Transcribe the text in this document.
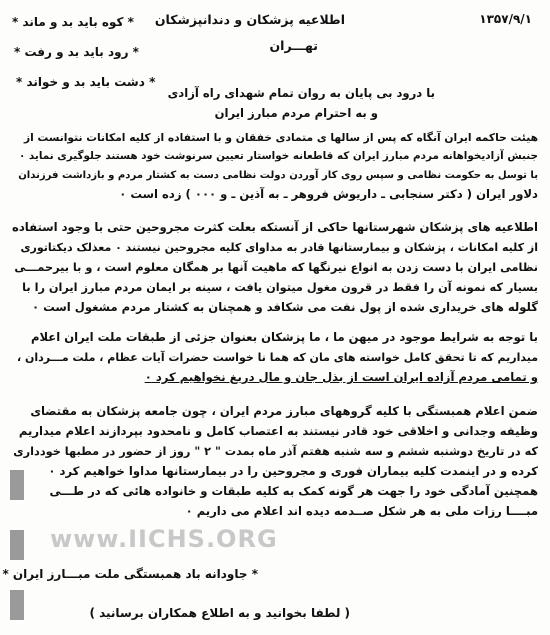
۱۳۵۷/۹/۱
اطلاعیه پزشکان و دندانپزشکان
تهـــران
* کوه باید بد و ماند *
* رود باید بد و رفت *
* دشت باید بد و خواند *
با درود بی پایان به روان تمام شهدای راه آزادی
و به احترام مردم مبارز ایران
هیئت حاکمه ایران آنگاه که پس از سالها ی متمادی خفقان و با استفاده از کلیه امکانات نتوانست از
جنبش آزادیخواهانه مردم مبارز ایران که قاطعانه خواستار تعیین سرنوشت خود هستند جلوگیری نماید ٠
با توسل به حکومت نظامی و سپس روی کار آوردن دولت نظامی دست به کشتار مردم و بازداشت فرزندان
دلاور ایران ( دکتر سنجابی ـ داریوش فروهر ـ به آذین ـ و ٠٠٠ ) زده است ٠
اطلاعیه های پزشکان شهرستانها حاکی از آنستکه بعلت کثرت مجروحین حتی با وجود استفاده
از کلیه امکانات ، پزشکان و بیمارستانها قادر به مداوای کلیه مجروحین نیستند ٠ معذلک دیکتاتوری
نظامی ایران با دست زدن به انواع نیرنگها که ماهیت آنها بر همگان معلوم است ، و با بیرحمـــی
بسیار که نمونه آن را فقط در قرون مغول میتوان یافت ، سینه بر ایمان مردم مبارز ایران را با
گلوله های خریداری شده از پول نفت می شکافد و همچنان به کشتار مردم مشغول است ٠
با توجه به شرایط موجود در میهن ما ، ما پزشکان بعنوان جزئی از طبقات ملت ایران اعلام
میداریم که تا تحقق کامل خواسته های مان که هما نا خواست حضرات آیات عظام ، ملت مـــردان ،
و تمامی مردم آزاده ایران است از بذل جان و مال دریغ نخواهیم کرد ٠
ضمن اعلام همبستگی با کلیه گروههای مبارز مردم ایران ، چون جامعه پزشکان به مقتضای
وظیفه وجدانی و اخلاقی خود قادر نیستند به اعتصاب کامل و نامحدود بپردازند اعلام میداریم
که در تاریخ دوشنبه ششم و سه شنبه هفتم آذر ماه بمدت " ٢ " روز از حضور در مطبها خودداری
کرده و در اینمدت کلیه بیماران فوری و مجروحین را در بیمارستانها مداوا خواهیم کرد ٠
همچنین آمادگی خود را جهت هر گونه کمک به کلیه طبقات و خانواده هائی که در طـــی
مبــــا رزات ملی به هر شکل صــدمه دیده اند اعلام می داریم ٠
* جاودانه باد همبستگی ملت مبـــارز ایران *
( لطفا بخوانید و به اطلاع همکاران برسانید )
www.IICHS.ORG
